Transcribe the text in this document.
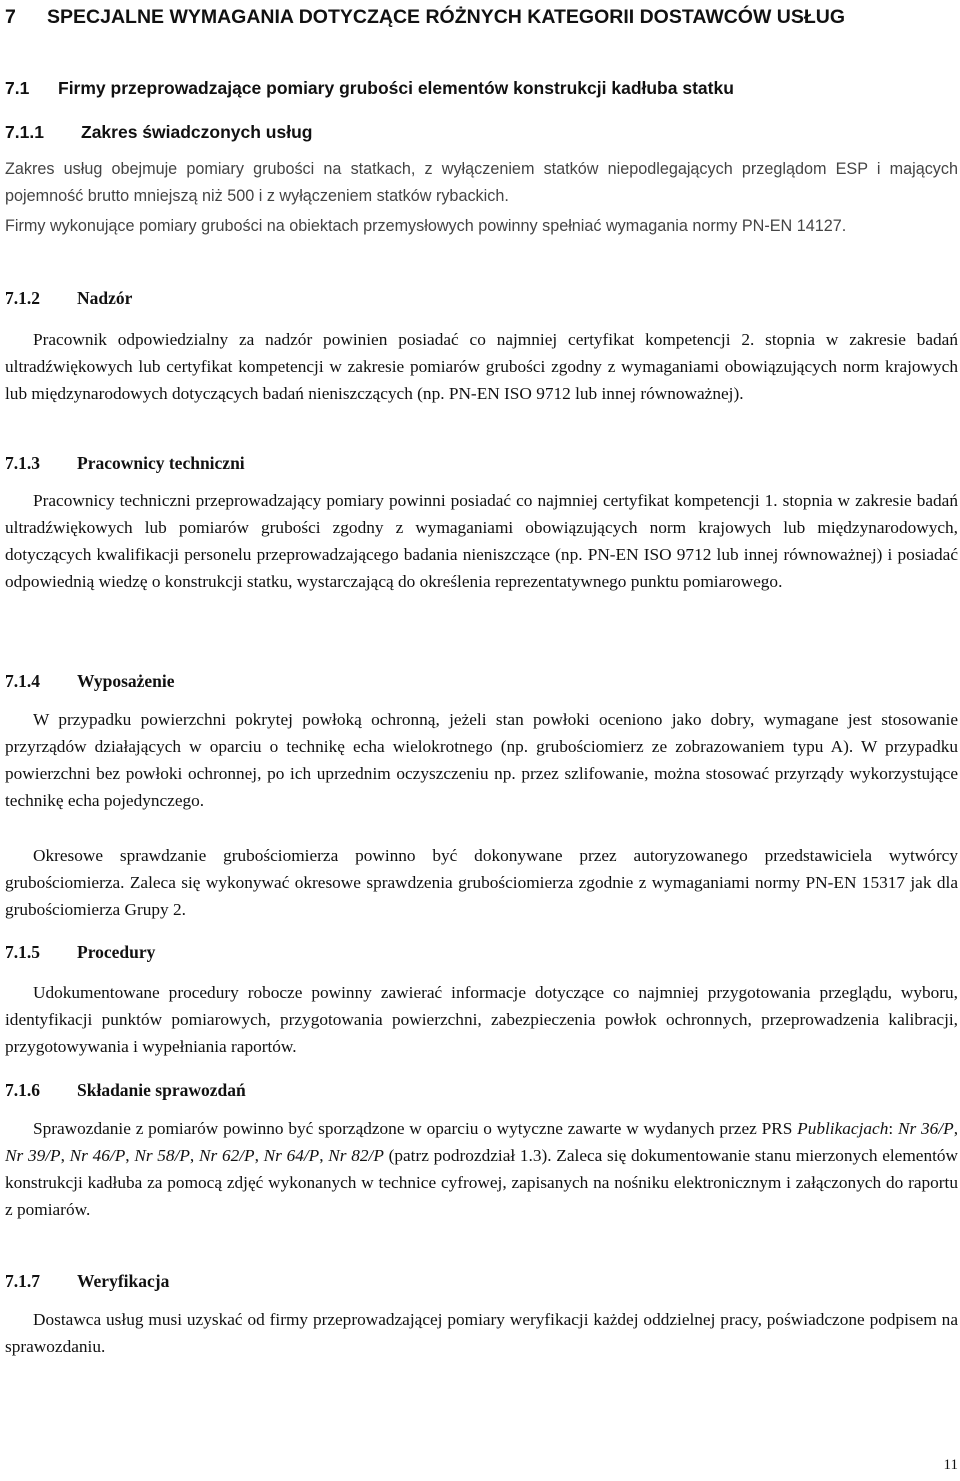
7 SPECJALNE WYMAGANIA DOTYCZĄCE RÓŻNYCH KATEGORII DOSTAWCÓW USŁUG
7.1 Firmy przeprowadzające pomiary grubości elementów konstrukcji kadłuba statku
7.1.1 Zakres świadczonych usług

Zakres usług obejmuje pomiary grubości na statkach, z wyłączeniem statków niepodlegających przeglądom ESP i mających pojemność brutto mniejszą niż 500 i z wyłączeniem statków rybackich.

Firmy wykonujące pomiary grubości na obiektach przemysłowych powinny spełniać wymagania normy PN-EN 14127.

7.1.2 Nadzór

Pracownik odpowiedzialny za nadzór powinien posiadać co najmniej certyfikat kompetencji 2. stopnia w zakresie badań ultradźwiękowych lub certyfikat kompetencji w zakresie pomiarów grubości zgodny z wymaganiami obowiązujących norm krajowych lub międzynarodowych dotyczących badań nieniszczących (np. PN-EN ISO 9712 lub innej równoważnej).

7.1.3 Pracownicy techniczni

Pracownicy techniczni przeprowadzający pomiary powinni posiadać co najmniej certyfikat kompetencji 1. stopnia w zakresie badań ultradźwiękowych lub pomiarów grubości zgodny z wymaganiami obowiązujących norm krajowych lub międzynarodowych, dotyczących kwalifikacji personelu przeprowadzającego badania nieniszczące (np. PN-EN ISO 9712 lub innej równoważnej) i posiadać odpowiednią wiedzę o konstrukcji statku, wystarczającą do określenia reprezentatywnego punktu pomiarowego.

7.1.4 Wyposażenie

W przypadku powierzchni pokrytej powłoką ochronną, jeżeli stan powłoki oceniono jako dobry, wymagane jest stosowanie przyrządów działających w oparciu o technikę echa wielokrotnego (np. grubościomierz ze zobrazowaniem typu A). W przypadku powierzchni bez powłoki ochronnej, po ich uprzednim oczyszczeniu np. przez szlifowanie, można stosować przyrządy wykorzystujące technikę echa pojedynczego.

Okresowe sprawdzanie grubościomierza powinno być dokonywane przez autoryzowanego przedstawiciela wytwórcy grubościomierza. Zaleca się wykonywać okresowe sprawdzenia grubościomierza zgodnie z wymaganiami normy PN-EN 15317 jak dla grubościomierza Grupy 2.

7.1.5 Procedury

Udokumentowane procedury robocze powinny zawierać informacje dotyczące co najmniej przygotowania przeglądu, wyboru, identyfikacji punktów pomiarowych, przygotowania powierzchni, zabezpieczenia powłok ochronnych, przeprowadzenia kalibracji, przygotowywania i wypełniania raportów.

7.1.6 Składanie sprawozdań

Sprawozdanie z pomiarów powinno być sporządzone w oparciu o wytyczne zawarte w wydanych przez PRS Publikacjach: Nr 36/P, Nr 39/P, Nr 46/P, Nr 58/P, Nr 62/P, Nr 64/P, Nr 82/P (patrz podrozdział 1.3). Zaleca się dokumentowanie stanu mierzonych elementów konstrukcji kadłuba za pomocą zdjęć wykonanych w technice cyfrowej, zapisanych na nośniku elektronicznym i załączonych do raportu z pomiarów.

7.1.7 Weryfikacja

Dostawca usług musi uzyskać od firmy przeprowadzającej pomiary weryfikacji każdej oddzielnej pracy, poświadczone podpisem na sprawozdaniu.

11
